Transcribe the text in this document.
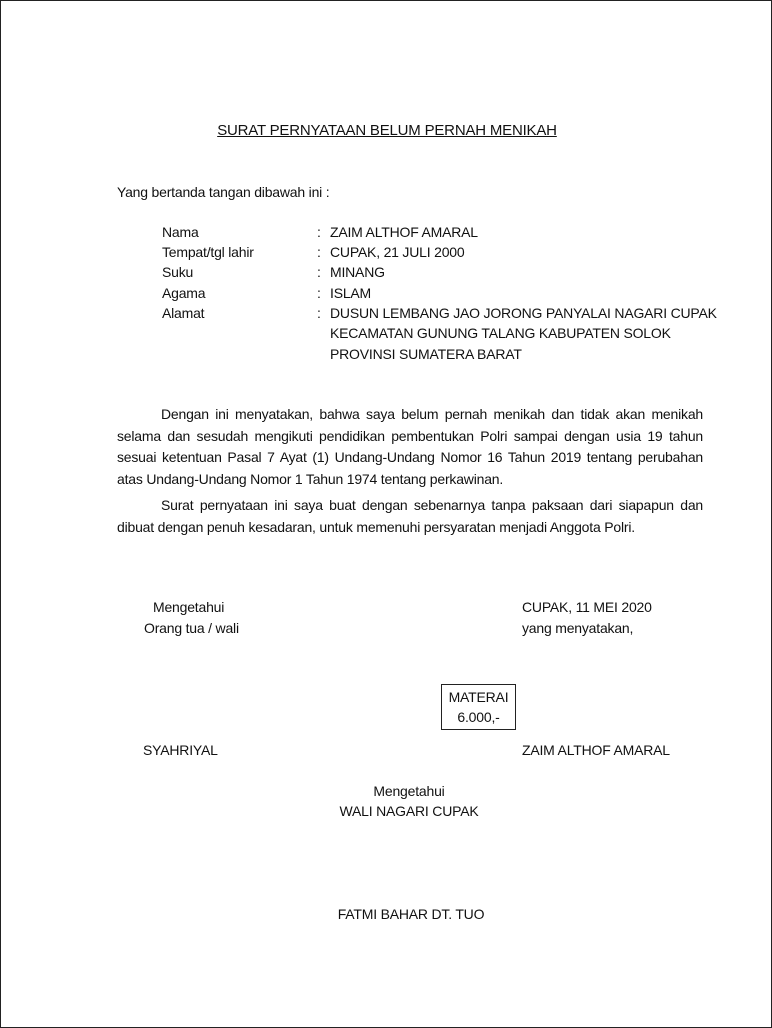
SURAT PERNYATAAN BELUM PERNAH MENIKAH
Yang bertanda tangan dibawah ini :
Nama	: ZAIM ALTHOF AMARAL
Tempat/tgl lahir	: CUPAK, 21 JULI 2000
Suku	: MINANG
Agama	: ISLAM
Alamat	: DUSUN LEMBANG JAO JORONG PANYALAI NAGARI CUPAK
KECAMATAN GUNUNG TALANG KABUPATEN SOLOK
PROVINSI SUMATERA BARAT
Dengan ini menyatakan, bahwa saya belum pernah menikah dan tidak akan menikah selama dan sesudah mengikuti pendidikan pembentukan Polri sampai dengan usia 19 tahun sesuai ketentuan Pasal 7 Ayat (1) Undang-Undang Nomor 16 Tahun 2019 tentang perubahan atas Undang-Undang Nomor 1 Tahun 1974 tentang perkawinan.
Surat pernyataan ini saya buat dengan sebenarnya tanpa paksaan dari siapapun dan dibuat dengan penuh kesadaran, untuk memenuhi persyaratan menjadi Anggota Polri.
Mengetahui
Orang tua / wali
CUPAK, 11 MEI 2020
yang menyatakan,
MATERAI
6.000,-
SYAHRIYAL	ZAIM ALTHOF AMARAL
Mengetahui
WALI NAGARI CUPAK
FATMI BAHAR DT. TUO
